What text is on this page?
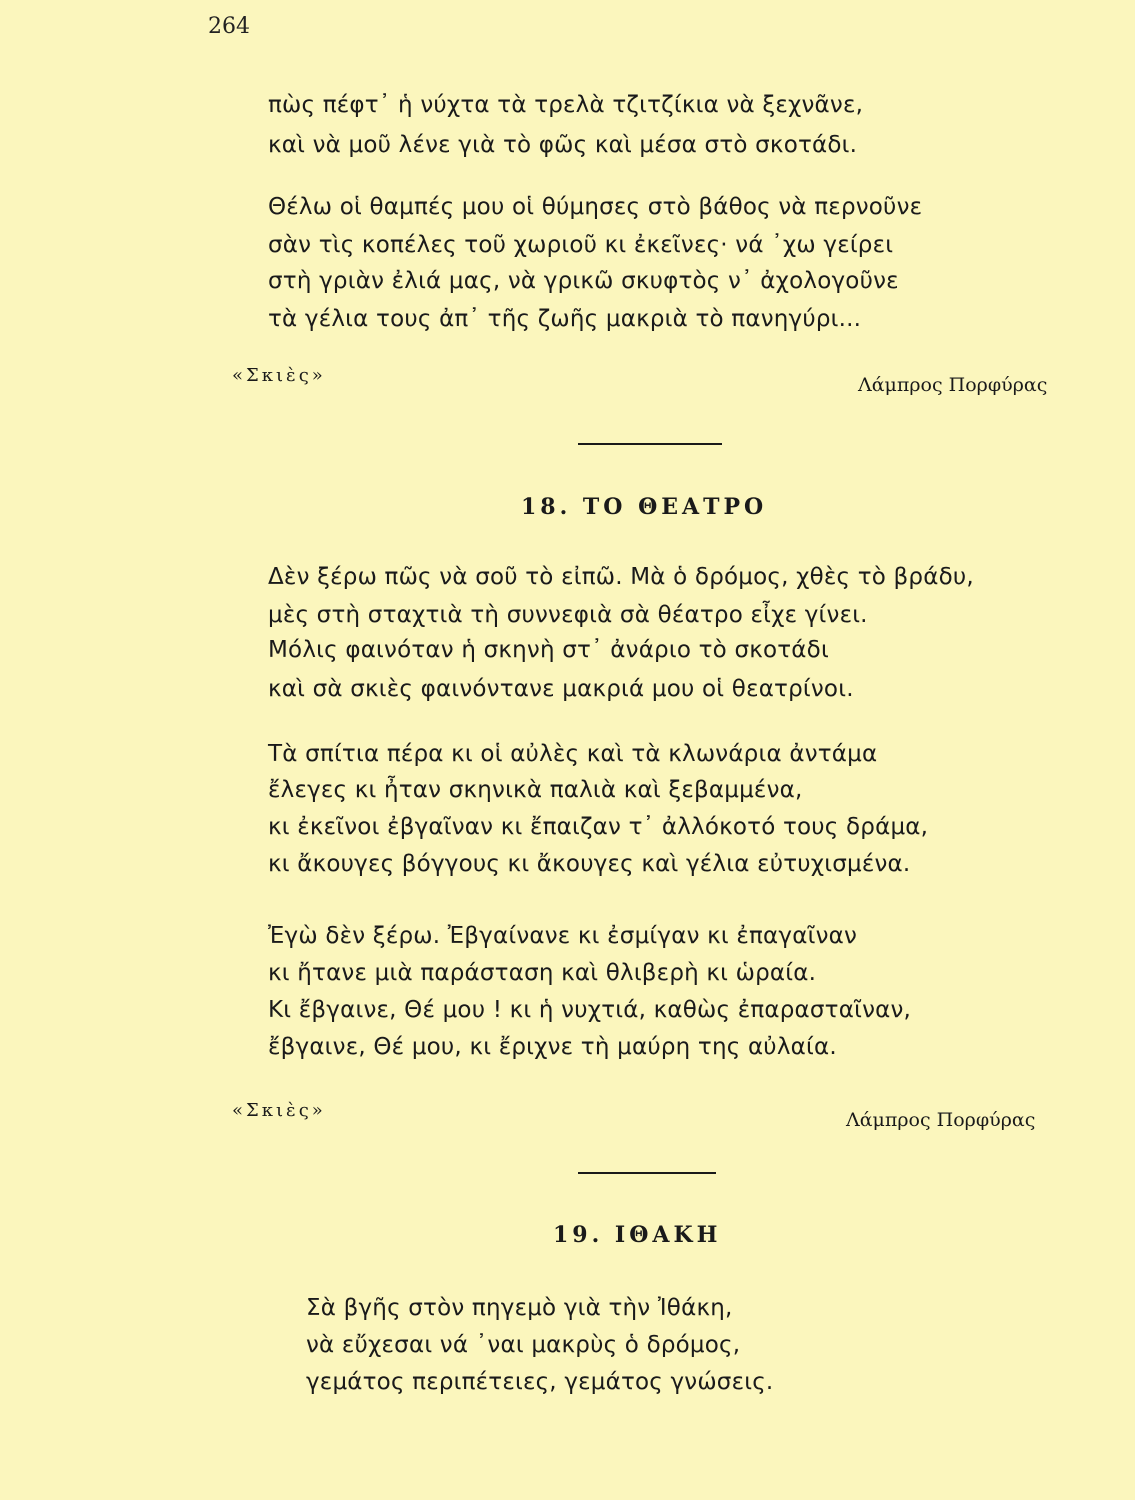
264
πὼς πέφτ᾽ ἡ νύχτα τὰ τρελὰ τζιτζίκια νὰ ξεχνᾶνε,
καὶ νὰ μοῦ λένε γιὰ τὸ φῶς καὶ μέσα στὸ σκοτάδι.
Θέλω οἱ θαμπές μου οἱ θύμησες στὸ βάθος νὰ περνοῦνε
σὰν τὶς κοπέλες τοῦ χωριοῦ κι ἐκεῖνες· νά ᾽χω γείρει
στὴ γριὰν ἐλιά μας, νὰ γρικῶ σκυφτὸς ν᾽ ἀχολογοῦνε
τὰ γέλια τους ἀπ᾽ τῆς ζωῆς μακριὰ τὸ πανηγύρι...
«Σκιὲς»	Λάμπρος Πορφύρας
18. ΤΟ ΘΕΑΤΡΟ
Δὲν ξέρω πῶς νὰ σοῦ τὸ εἰπῶ. Μὰ ὁ δρόμος, χθὲς τὸ βράδυ,
μὲς στὴ σταχτιὰ τὴ συννεφιὰ σὰ θέατρο εἶχε γίνει.
Μόλις φαινόταν ἡ σκηνὴ στ᾽ ἀνάριο τὸ σκοτάδι
καὶ σὰ σκιὲς φαινόντανε μακριά μου οἱ θεατρίνοι.
Τὰ σπίτια πέρα κι οἱ αὐλὲς καὶ τὰ κλωνάρια ἀντάμα
ἔλεγες κι ἦταν σκηνικὰ παλιὰ καὶ ξεβαμμένα,
κι ἐκεῖνοι ἐβγαῖναν κι ἔπαιζαν τ᾽ ἀλλόκοτό τους δράμα,
κι ἄκουγες βόγγους κι ἄκουγες καὶ γέλια εὐτυχισμένα.
Ἐγὼ δὲν ξέρω. Ἐβγαίνανε κι ἐσμίγαν κι ἐπαγαῖναν
κι ἤτανε μιὰ παράσταση καὶ θλιβερὴ κι ὡραία.
Κι ἔβγαινε, Θέ μου ! κι ἡ νυχτιά, καθὼς ἐπαρασταῖναν,
ἔβγαινε, Θέ μου, κι ἔριχνε τὴ μαύρη της αὐλαία.
«Σκιὲς»	Λάμπρος Πορφύρας
19. ΙΘΑΚΗ
Σὰ βγῆς στὸν πηγεμὸ γιὰ τὴν Ἰθάκη,
νὰ εὔχεσαι νά ᾽ναι μακρὺς ὁ δρόμος,
γεμάτος περιπέτειες, γεμάτος γνώσεις.
